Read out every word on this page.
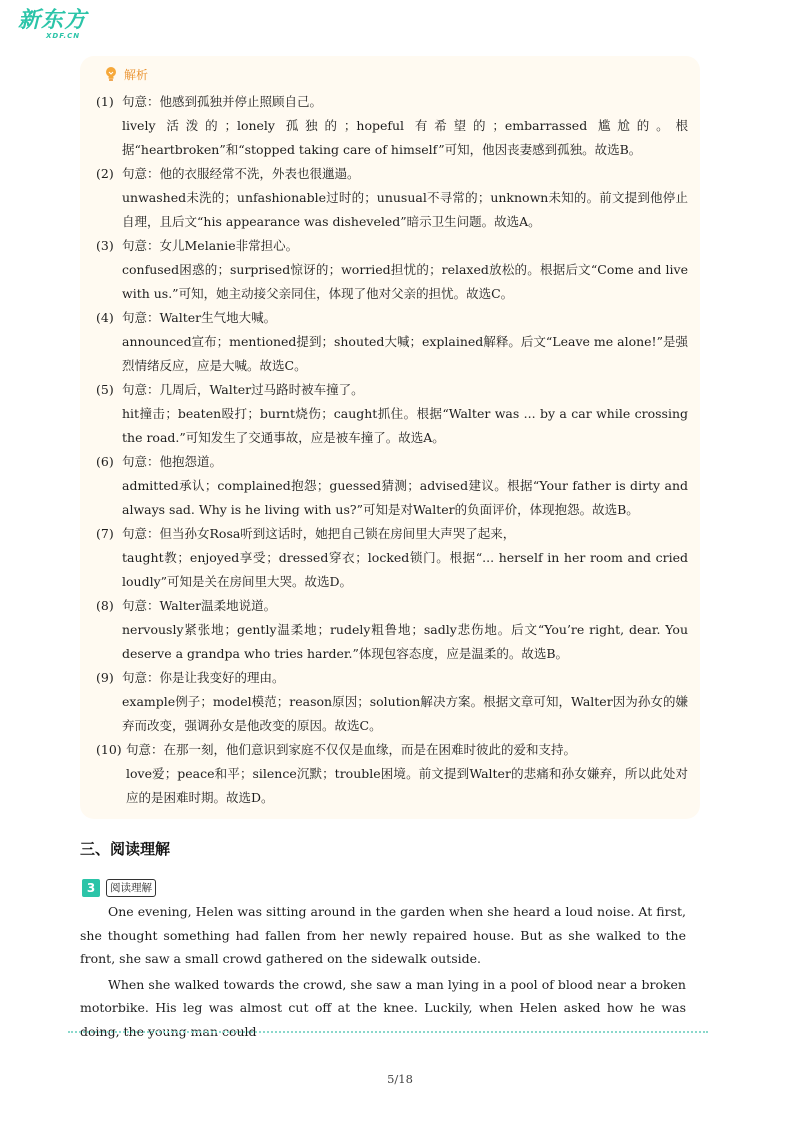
新东方
XDF.CN
解析
(1) 句意：他感到孤独并停止照顾自己。
lively 活泼的；lonely 孤独的；hopeful 有希望的；embarrassed 尴尬的。根据“heartbroken”和“stopped taking care of himself”可知，他因丧妻感到孤独。故选B。
(2) 句意：他的衣服经常不洗，外表也很邋遢。
unwashed未洗的；unfashionable过时的；unusual不寻常的；unknown未知的。前文提到他停止自理，且后文“his appearance was disheveled”暗示卫生问题。故选A。
(3) 句意：女儿Melanie非常担心。
confused困惑的；surprised惊讶的；worried担忧的；relaxed放松的。根据后文“Come and live with us.”可知，她主动接父亲同住，体现了他对父亲的担忧。故选C。
(4) 句意：Walter生气地大喊。
announced宣布；mentioned提到；shouted大喊；explained解释。后文“Leave me alone!”是强烈情绪反应，应是大喊。故选C。
(5) 句意：几周后，Walter过马路时被车撞了。
hit撞击；beaten殴打；burnt烧伤；caught抓住。根据“Walter was ... by a car while crossing the road.”可知发生了交通事故，应是被车撞了。故选A。
(6) 句意：他抱怨道。
admitted承认；complained抱怨；guessed猜测；advised建议。根据“Your father is dirty and always sad. Why is he living with us?”可知是对Walter的负面评价，体现抱怨。故选B。
(7) 句意：但当孙女Rosa听到这话时，她把自己锁在房间里大声哭了起来，
taught教；enjoyed享受；dressed穿衣；locked锁门。根据“... herself in her room and cried loudly”可知是关在房间里大哭。故选D。
(8) 句意：Walter温柔地说道。
nervously紧张地；gently温柔地；rudely粗鲁地；sadly悲伤地。后文“You’re right, dear. You deserve a grandpa who tries harder.”体现包容态度，应是温柔的。故选B。
(9) 句意：你是让我变好的理由。
example例子；model模范；reason原因；solution解决方案。根据文章可知，Walter因为孙女的嫌弃而改变，强调孙女是他改变的原因。故选C。
(10) 句意：在那一刻，他们意识到家庭不仅仅是血缘，而是在困难时彼此的爱和支持。
love爱；peace和平；silence沉默；trouble困境。前文提到Walter的悲痛和孙女嫌弃，所以此处对应的是困难时期。故选D。
三、阅读理解
3	阅读理解

One evening, Helen was sitting around in the garden when she heard a loud noise. At first, she thought something had fallen from her newly repaired house. But as she walked to the front, she saw a small crowd gathered on the sidewalk outside.

When she walked towards the crowd, she saw a man lying in a pool of blood near a broken motorbike. His leg was almost cut off at the knee. Luckily, when Helen asked how he was doing, the young man could

5/18
